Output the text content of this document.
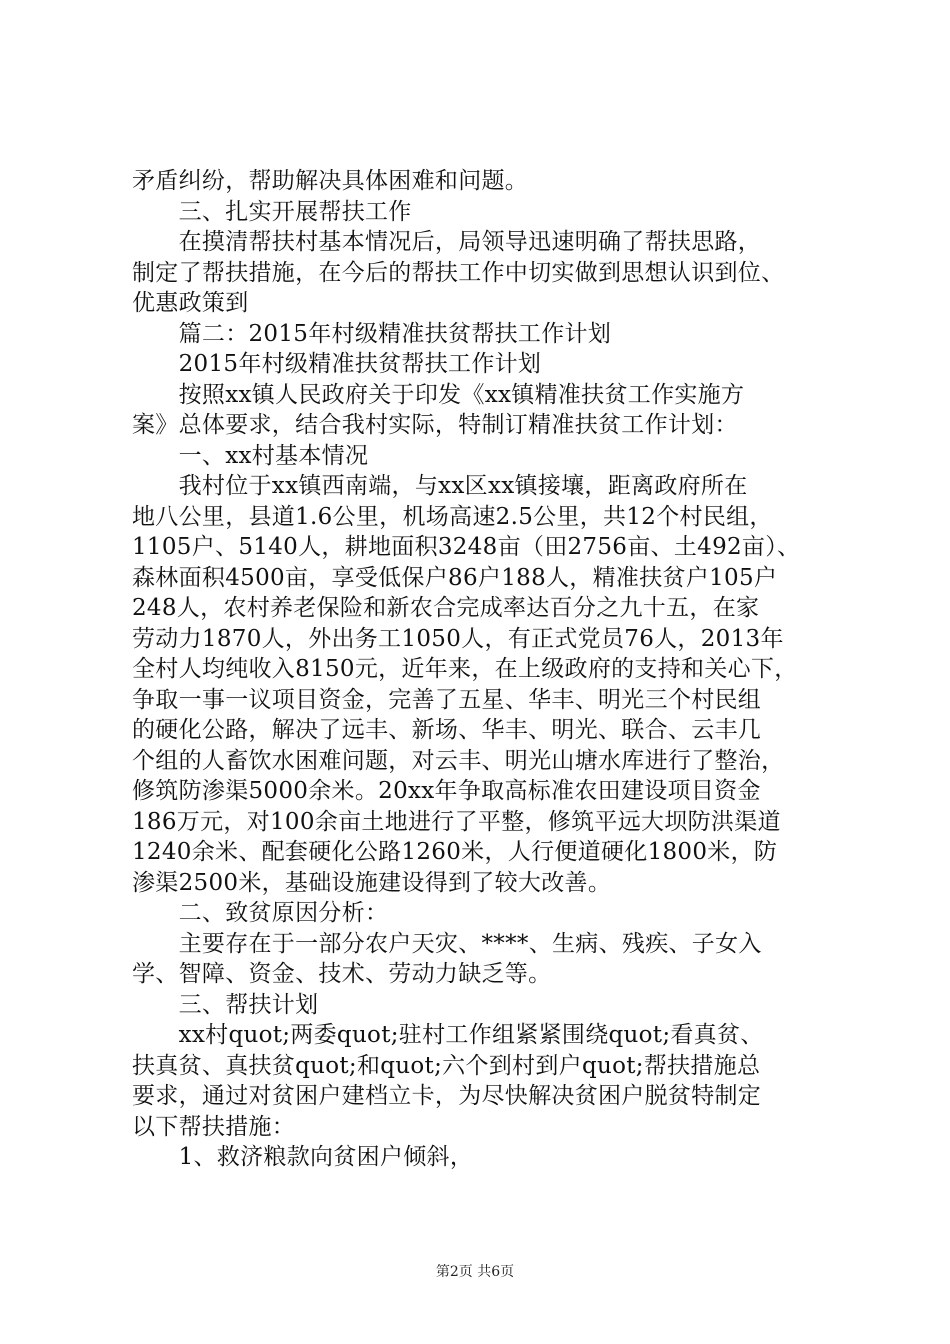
矛盾纠纷，帮助解决具体困难和问题。
　　三、扎实开展帮扶工作
　　在摸清帮扶村基本情况后，局领导迅速明确了帮扶思路，
制定了帮扶措施，在今后的帮扶工作中切实做到思想认识到位、
优惠政策到
　　篇二：2015年村级精准扶贫帮扶工作计划
　　2015年村级精准扶贫帮扶工作计划
　　按照xx镇人民政府关于印发《xx镇精准扶贫工作实施方
案》总体要求，结合我村实际，特制订精准扶贫工作计划：
　　一、xx村基本情况
　　我村位于xx镇西南端，与xx区xx镇接壤，距离政府所在
地八公里，县道1.6公里，机场高速2.5公里，共12个村民组，
1105户、5140人，耕地面积3248亩（田2756亩、土492亩）、
森林面积4500亩，享受低保户86户188人，精准扶贫户105户
248人，农村养老保险和新农合完成率达百分之九十五，在家
劳动力1870人，外出务工1050人，有正式党员76人，2013年
全村人均纯收入8150元，近年来，在上级政府的支持和关心下，
争取一事一议项目资金，完善了五星、华丰、明光三个村民组
的硬化公路，解决了远丰、新场、华丰、明光、联合、云丰几
个组的人畜饮水困难问题，对云丰、明光山塘水库进行了整治，
修筑防渗渠5000余米。20xx年争取高标准农田建设项目资金
186万元，对100余亩土地进行了平整，修筑平远大坝防洪渠道
1240余米、配套硬化公路1260米，人行便道硬化1800米，防
渗渠2500米，基础设施建设得到了较大改善。
　　二、致贫原因分析：
　　主要存在于一部分农户天灾、****、生病、残疾、子女入
学、智障、资金、技术、劳动力缺乏等。
　　三、帮扶计划
　　xx村quot;两委quot;驻村工作组紧紧围绕quot;看真贫、
扶真贫、真扶贫quot;和quot;六个到村到户quot;帮扶措施总
要求，通过对贫困户建档立卡，为尽快解决贫困户脱贫特制定
以下帮扶措施：
　　1、救济粮款向贫困户倾斜，
第2页 共6页
